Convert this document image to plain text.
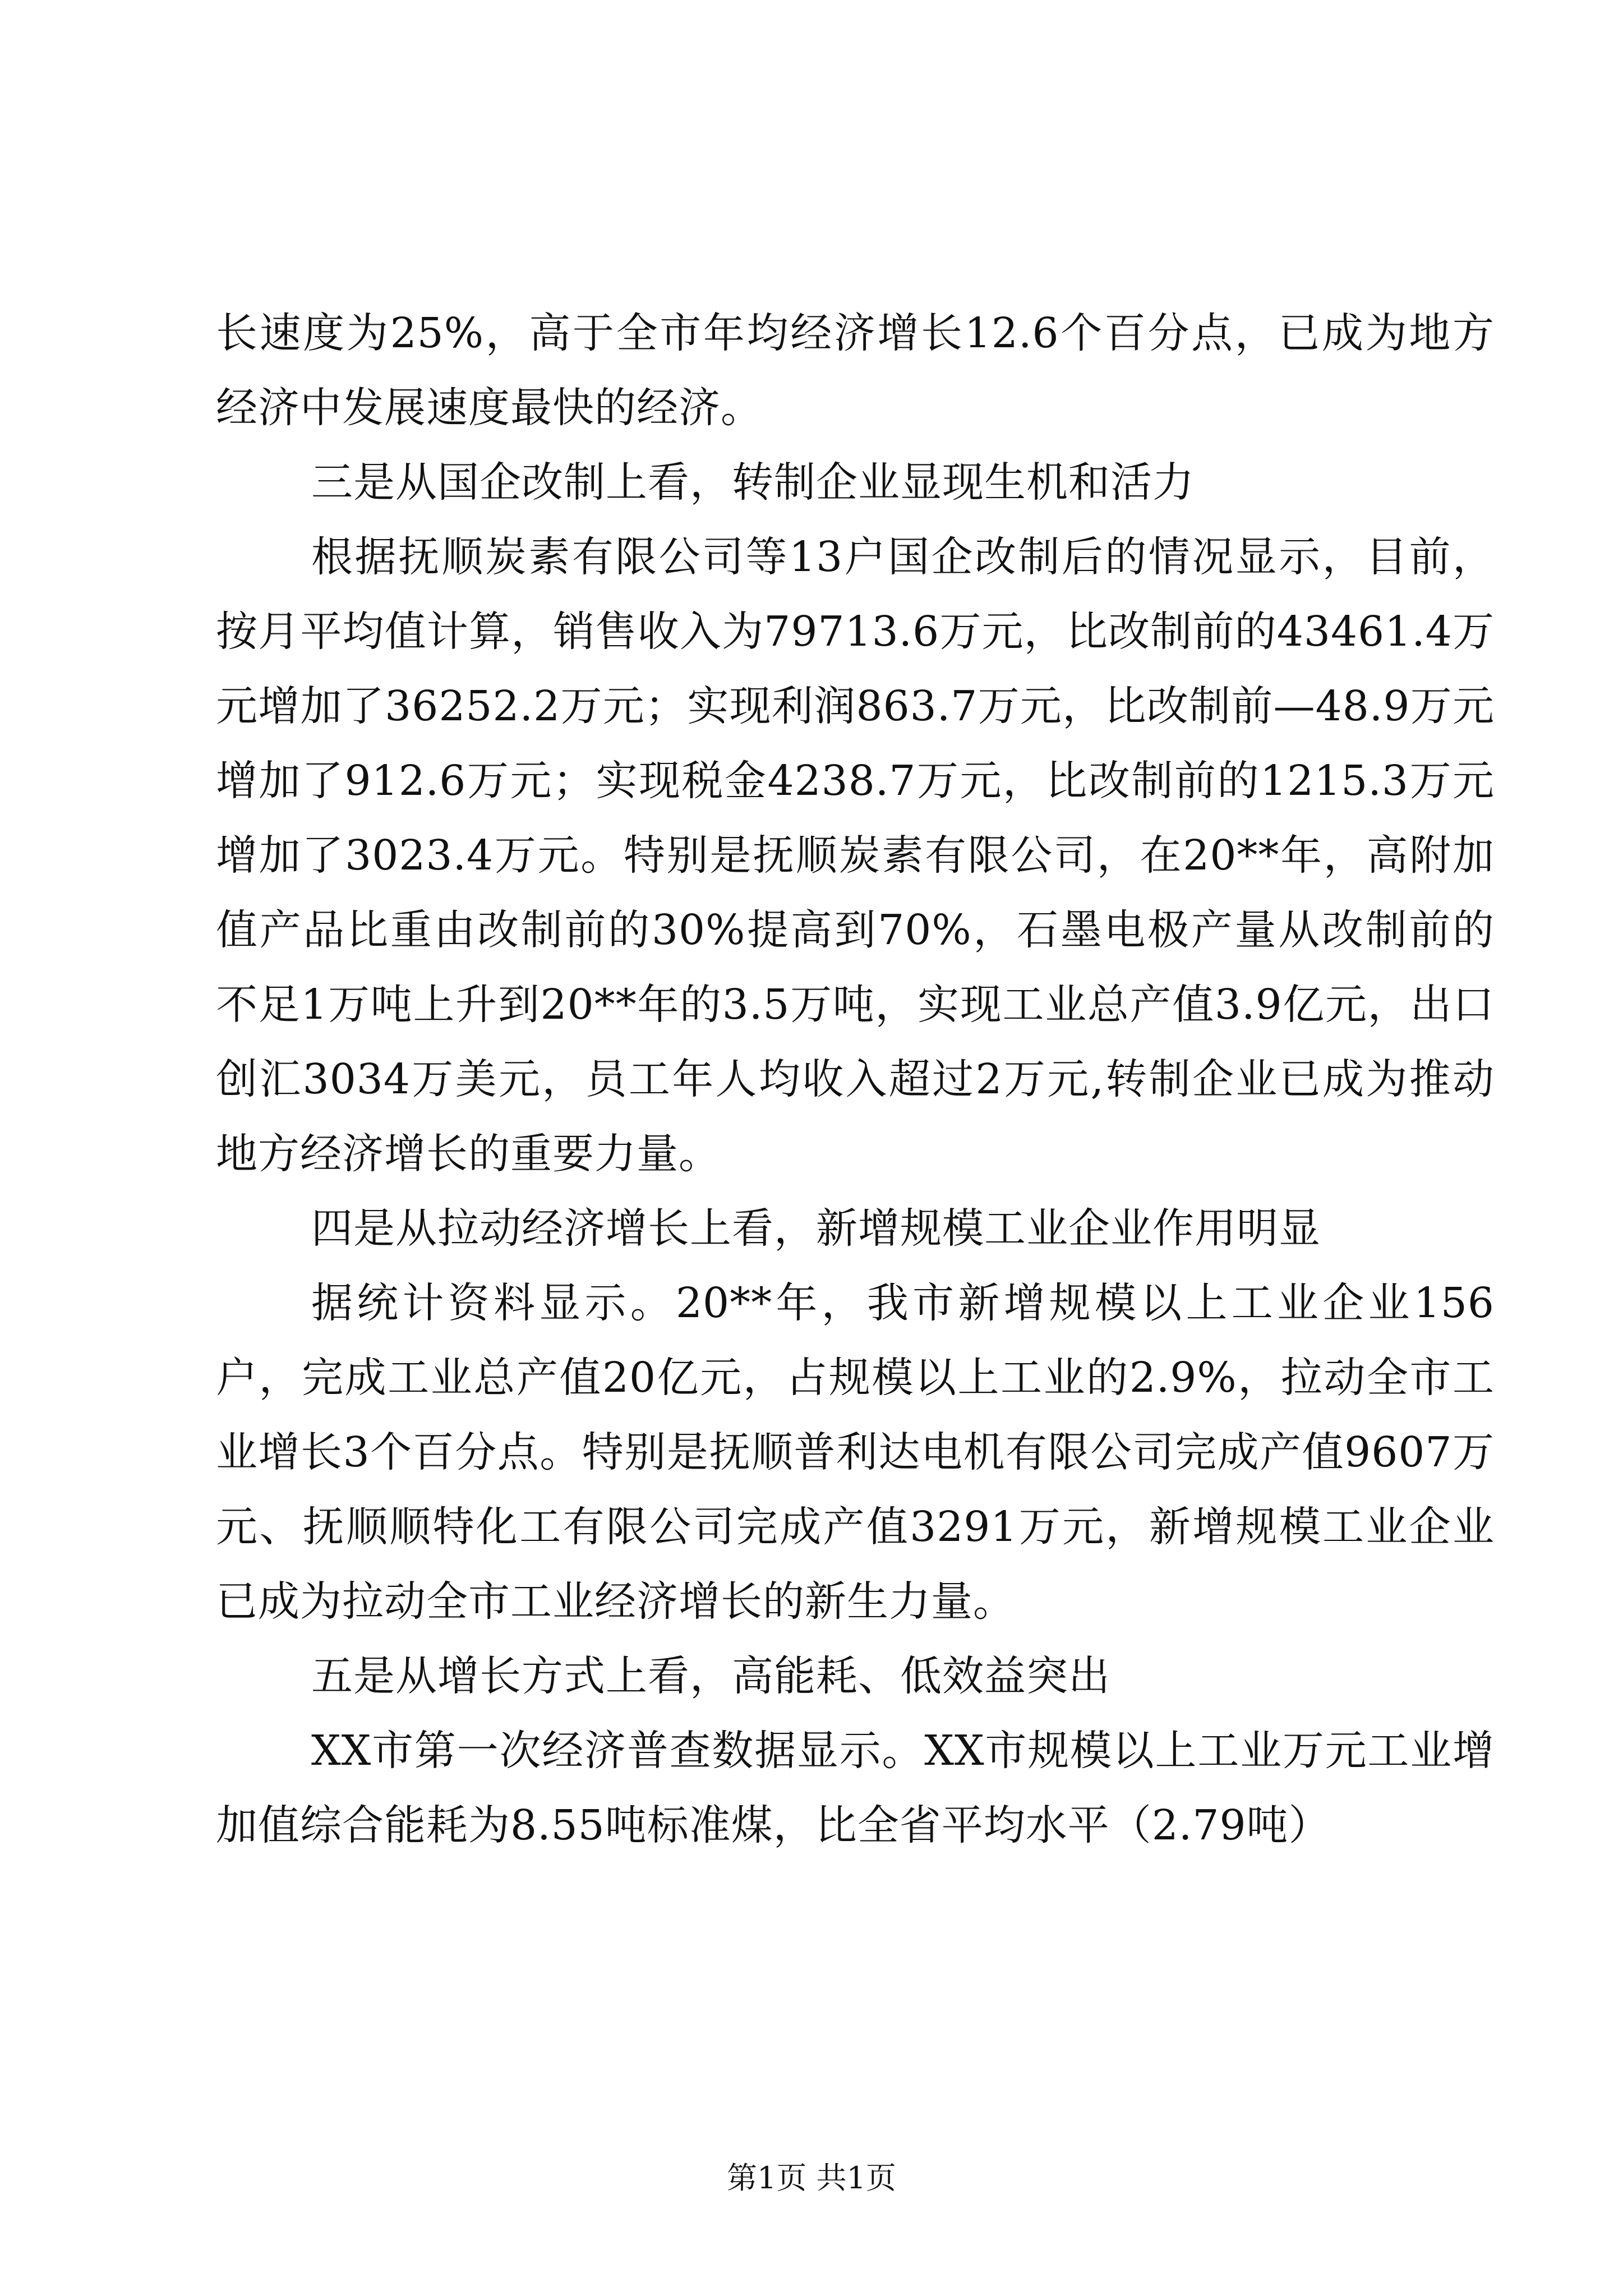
长速度为25%，高于全市年均经济增长12.6个百分点，已成为地方经济中发展速度最快的经济。

三是从国企改制上看，转制企业显现生机和活力

根据抚顺炭素有限公司等13户国企改制后的情况显示，目前，按月平均值计算，销售收入为79713.6万元，比改制前的43461.4万元增加了36252.2万元；实现利润863.7万元，比改制前—48.9万元增加了912.6万元；实现税金4238.7万元，比改制前的1215.3万元增加了3023.4万元。特别是抚顺炭素有限公司，在20**年，高附加值产品比重由改制前的30%提高到70%，石墨电极产量从改制前的不足1万吨上升到20**年的3.5万吨，实现工业总产值3.9亿元，出口创汇3034万美元，员工年人均收入超过2万元,转制企业已成为推动地方经济增长的重要力量。

四是从拉动经济增长上看，新增规模工业企业作用明显

据统计资料显示。20**年，我市新增规模以上工业企业156户，完成工业总产值20亿元，占规模以上工业的2.9%，拉动全市工业增长3个百分点。特别是抚顺普利达电机有限公司完成产值9607万元、抚顺顺特化工有限公司完成产值3291万元，新增规模工业企业已成为拉动全市工业经济增长的新生力量。

五是从增长方式上看，高能耗、低效益突出

XX市第一次经济普查数据显示。XX市规模以上工业万元工业增加值综合能耗为8.55吨标准煤，比全省平均水平（2.79吨）

第1页 共1页
